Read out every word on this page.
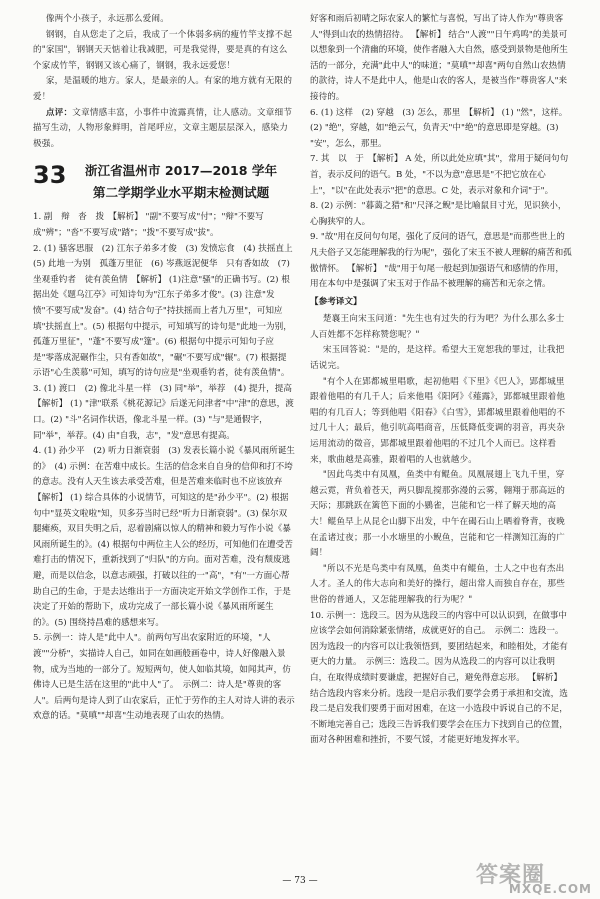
像两个小孩子，永远那么爱闹。

钢钢，自从您走了之后，我成了一个体弱多病的瘦竹竿支撑不起的"家国"，钢钢天天惦着让我减肥，可是我觉得，要是真的有这么个家成竹竿，钢钢又该心痛了，钢钢，我永远爱您！

家，是温暖的地方。家人，是最亲的人。有家的地方就有无限的爱！

点评：文章情感丰富，小事件中流露真情，让人感动。文章细节描写生动，人物形象鲜明，首尾呼应，文章主题层层深入，感染力极强。

33	浙江省温州市 2017—2018 学年
第二学期学业水平期末检测试题

1. 副　辩　沓　拨　【解析】 "副"不要写成"付"；"辩"不要写成"辨"；"沓"不要写成"踏"；"拨"不要写成"拔"。

2. (1) 骚客思服　(2) 江东子弟多才俊　(3) 发愤忘食　(4) 扶摇直上　(5) 此地一为别　孤蓬万里征　(6) 岑燕返泥便华　只有香如故　(7) 坐观垂钓者　徒有羡鱼情　【解析】 (1)注意"骚"的正确书写。(2) 根据出处《题乌江亭》可知诗句为"江东子弟多才俊"。(3) 注意"发愤"不要写成"发奋"。(4) 结合句子"持扶摇而上者九万里"，可知应填"扶摇直上"。(5) 根据句中提示，可知填写的诗句是"此地一为别，孤蓬万里征"，"蓬"不要写成"篷"。(6) 根据句中提示可知句子应是"零落成泥碾作尘，只有香如故"，"碾"不要写成"辗"。(7) 根据提示语"心生羡慕"可知，填写的诗句应是"坐观垂钓者，徒有羡鱼情"。

3. (1) 渡口　(2) 像北斗星一样　(3) 同"举"，举荐　(4) 提升，提高　【解析】 (1) "津"联系《桃花源记》后遂无问津者"中"津"的意思，渡口。(2) "斗"名词作状语，像北斗星一样。(3) "与"是通假字，同"举"，举荐。(4) 由"自我，志"，"发"意思有提高。

4. (1) 孙少平　(2) 听力日渐衰弱　(3) 发表长篇小说《暴风雨所诞生的》　(4) 示例：在苦难中成长。生活的信念来自自身的信仰和打不垮的意志。没有人天生该去承受苦难，但是苦难来临时也不应该放弃　【解析】 (1) 综合具体的小说情节，可知这的是"孙少平"。(2) 根据句中"显英文啦啦"知，贝多芬当时已经"听力日渐衰弱"。(3) 保尔双腿瘫痪，双目失明之后，忍着剧痛以惊人的精神和毅力写作小说《暴风雨所诞生的》。(4) 根据句中两位主人公的经历，可知他们在遭受苦难打击的情况下，重新找到了"归队"的方向。面对苦难，没有颓废逃避，而是以信念，以意志顽强，打破以往的一"高"，"有"一方面心帮助自己的生命，于是去达维出于一方面决定开始文学创作工作，于是决定了开始的帮助下，成功完成了一部长篇小说《暴风雨所诞生的》。(5) 围绕持昌难的感想来写。

5. 示例一：诗人是"此中人"。前两句写出农家附近的环境，"人渡""分桥"，实描诗人自己，如同在如画般画卷中，诗人好像融入景物，成为当地的一部分了。短短两句，使人如临其境，如闻其声，仿佛诗人已是生活在这里的"此中人"了。　示例二：诗人是"尊贵的客人"。后两句是诗人到了山农家后，正忙于劳作的主人对诗人讲的表示欢意的话。"莫嗔""却喜"生动地表现了山农的热情。

好客和雨后初晴之际农家人的繁忙与喜悦，写出了诗人作为"尊贵客人"得到山农的热情招待。 【解析】 结合"人渡""日午鸡鸣"的美景可以想象到一个清幽的环境，使作者融入大自然，感受到景物是他所生活的一部分，充满"此中人"的味道；"莫嗔""却喜"两句自然山农热情的款待，诗人不是此中人，他是山农的客人，是被当作"尊贵客人"来接待的。

6. (1) 这样　(2) 穿越　(3) 怎么，那里　【解析】 (1) "然"，这样。(2) "绝"，穿越，如"绝云气，负青天"中"绝"的意思即是穿越。(3) "安"，怎么，那里。

7. 其　以　于　【解析】 A 处，所以此处应填"其"，常用于疑问句句首，表示反问的语气。B 处，"不以为意"意思是"不把它放在心上"，"以"在此处表示"把"的意思。C 处，表示对象和介词"于"。

8. (2) 示例："暮蔼之猎"和"尺泽之鲵"是比喻鼠目寸光，见识狭小，心胸狭窄的人。

9. "故"用在反问句句尾，强化了反问的语气，意思是"而那些世上的凡夫俗子又怎能理解我的行为呢"，强化了宋玉不被人理解的痛苦和孤傲情怀。 【解析】 "哉"用于句尾一般起到加强语气和感情的作用，用在本句中是强调了宋玉对于作品不被理解的痛苦和无奈之情。

【参考译文】

楚襄王向宋玉问道："先生也有过失的行为吧？为什么那么多士人百姓都不怎样称赞您呢？"

宋玉回答说："是的，是这样。希望大王宽恕我的罪过，让我把话说完。

"有个人在郢都城里唱歌，起初他唱《下里》《巴人》，郢都城里跟着他唱的有几千人；后来他唱《阳阿》《薤露》，郢都城里跟着他唱的有几百人；等到他唱《阳春》《白雪》，郢都城里跟着他唱的不过几十人；最后，他引吭高唱商音，压低降低变调的羽音，再夹杂运用流动的徵音，郢都城里跟着他唱的不过几个人而已。这样看来，歌曲越是高雅，跟着唱的人也就越少。

"因此鸟类中有凤凰，鱼类中有鲲鱼。凤凰展翅上飞九千里，穿越云霓，背负着苍天，两只脚乱搅那弥漫的云雾，翱翔于那高远的天际；那跳跃在篱笆下面的小鷃雀，岂能和它一样了解天地的高大！鲲鱼早上从昆仑山脚下出发，中午在碣石山上晒着脊背，夜晚在孟诸过夜；那一小水塘里的小鲵鱼，岂能和它一样测知江海的广阔！

"所以不光是鸟类中有凤凰，鱼类中有鲲鱼，士人之中也有杰出人才。圣人的伟大志向和美好的操行，超出常人而独自存在，那些世俗的普通人，又怎能理解我的行为呢？"

10. 示例一：选段三。因为从选段三的内容中可以认识到，在做事中应该学会如何消除紧张情绪，成就更好的自己。　示例二：选段一。因为选段一的内容可以让我领悟到，要团结起来，和睦相处，才能有更大的力量。　示例三：选段二。因为从选段二的内容可以让我明白，在取得成绩时要谦虚，把握好自己，避免得意忘形。 【解析】 结合选段内容来分析。选段一是启示我们要学会勇于承担和交流，选段二是启发我们要勇于面对困难，在这一小选段中诉说自己的不足，不断地完善自己；选段三告诉我们要学会在压力下找到自己的位置，面对各种困难和挫折，不要气馁，才能更好地发挥水平。

— 73 —	答案圈
MXQE.COM
